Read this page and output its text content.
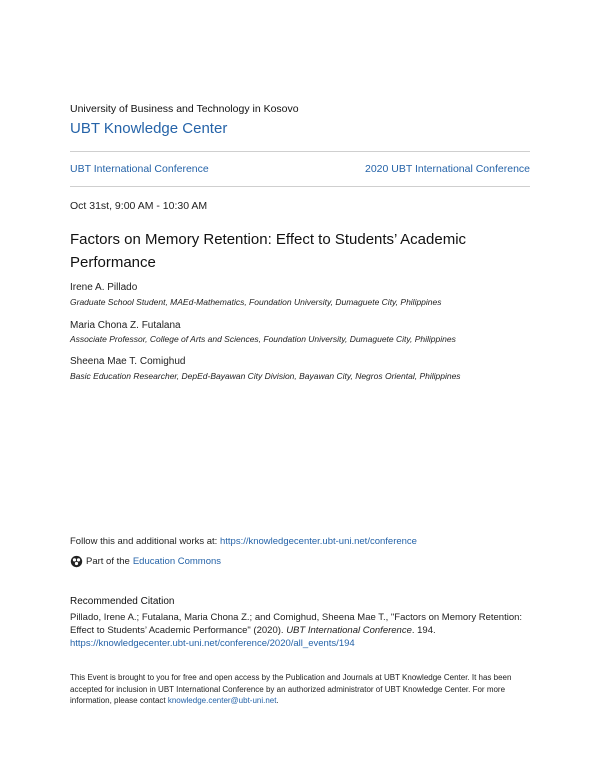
University of Business and Technology in Kosovo
UBT Knowledge Center
UBT International Conference	2020 UBT International Conference
Oct 31st, 9:00 AM - 10:30 AM
Factors on Memory Retention: Effect to Students’ Academic Performance
Irene A. Pillado
Graduate School Student, MAEd-Mathematics, Foundation University, Dumaguete City, Philippines
Maria Chona Z. Futalana
Associate Professor, College of Arts and Sciences, Foundation University, Dumaguete City, Philippines
Sheena Mae T. Comighud
Basic Education Researcher, DepEd-Bayawan City Division, Bayawan City, Negros Oriental, Philippines
Follow this and additional works at: https://knowledgecenter.ubt-uni.net/conference
Part of the Education Commons
Recommended Citation
Pillado, Irene A.; Futalana, Maria Chona Z.; and Comighud, Sheena Mae T., "Factors on Memory Retention: Effect to Students’ Academic Performance" (2020). UBT International Conference. 194.
https://knowledgecenter.ubt-uni.net/conference/2020/all_events/194
This Event is brought to you for free and open access by the Publication and Journals at UBT Knowledge Center. It has been accepted for inclusion in UBT International Conference by an authorized administrator of UBT Knowledge Center. For more information, please contact knowledge.center@ubt-uni.net.
